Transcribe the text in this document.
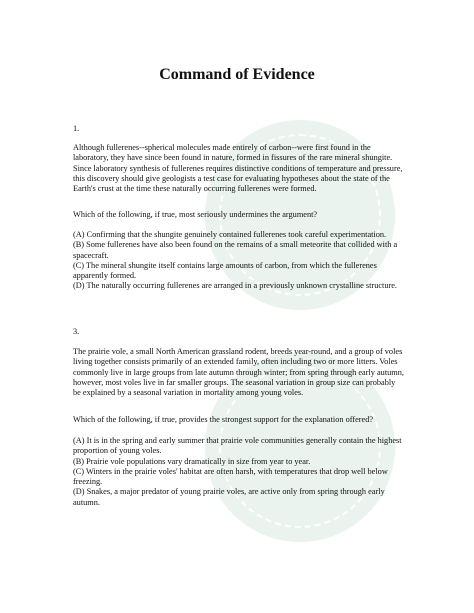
Command of Evidence
1.
Although fullerenes--spherical molecules made entirely of carbon--were first found in the laboratory, they have since been found in nature, formed in fissures of the rare mineral shungite. Since laboratory synthesis of fullerenes requires distinctive conditions of temperature and pressure, this discovery should give geologists a test case for evaluating hypotheses about the state of the Earth's crust at the time these naturally occurring fullerenes were formed.
Which of the following, if true, most seriously undermines the argument?

(A) Confirming that the shungite genuinely contained fullerenes took careful experimentation.

(B) Some fullerenes have also been found on the remains of a small meteorite that collided with a spacecraft.

(C) The mineral shungite itself contains large amounts of carbon, from which the fullerenes apparently formed.

(D) The naturally occurring fullerenes are arranged in a previously unknown crystalline structure.

3.
The prairie vole, a small North American grassland rodent, breeds year-round, and a group of voles living together consists primarily of an extended family, often including two or more litters. Voles commonly live in large groups from late autumn through winter; from spring through early autumn, however, most voles live in far smaller groups. The seasonal variation in group size can probably be explained by a seasonal variation in mortality among young voles.
Which of the following, if true, provides the strongest support for the explanation offered?

(A) It is in the spring and early summer that prairie vole communities generally contain the highest proportion of young voles.

(B) Prairie vole populations vary dramatically in size from year to year.

(C) Winters in the prairie voles' habitat are often harsh, with temperatures that drop well below freezing.

(D) Snakes, a major predator of young prairie voles, are active only from spring through early autumn.
